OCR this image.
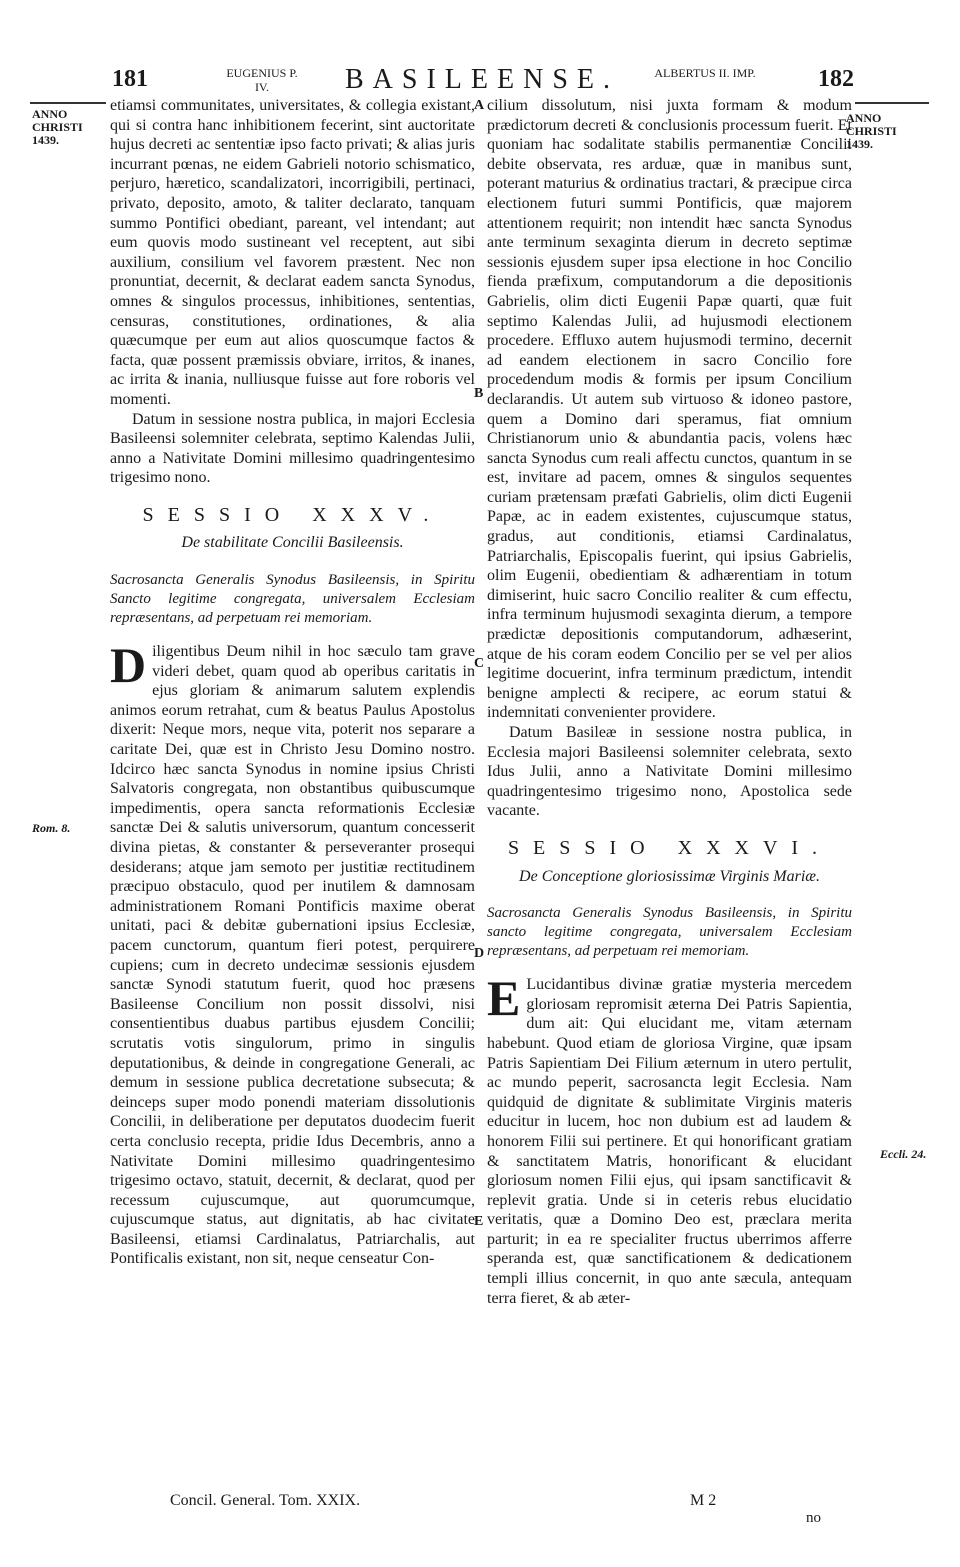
181	EUGENIUS P. IV.	BASILEENSE.	ALBERTUS II. IMP.	182
ANNO CHRISTI 1439.
ANNO CHRISTI 1439.
Rom. 8.
Eccli. 24.
A
B
C
D
E

etiamsi communitates, universitates, & collegia existant, qui si contra hanc inhibitionem fecerint, sint auctoritate hujus decreti ac sententiæ ipso facto privati; & alias juris incurrant pœnas, ne eidem Gabrieli notorio schismatico, perjuro, hæretico, scandalizatori, incorrigibili, pertinaci, privato, deposito, amoto, & taliter declarato, tanquam summo Pontifici obediant, pareant, vel intendant; aut eum quovis modo sustineant vel receptent, aut sibi auxilium, consilium vel favorem præstent. Nec non pronuntiat, decernit, & declarat eadem sancta Synodus, omnes & singulos processus, inhibitiones, sententias, censuras, constitutiones, ordinationes, & alia quæcumque per eum aut alios quoscumque factos & facta, quæ possent præmissis obviare, irritos, & inanes, ac irrita & inania, nulliusque fuisse aut fore roboris vel momenti.

Datum in sessione nostra publica, in majori Ecclesia Basileensi solemniter celebrata, septimo Kalendas Julii, anno a Nativitate Domini millesimo quadringentesimo trigesimo nono.

SESSIO XXXV.
De stabilitate Concilii Basileensis.
Sacrosancta Generalis Synodus Basileensis, in Spiritu Sancto legitime congregata, universalem Ecclesiam repræsentans, ad perpetuam rei memoriam.

Diligentibus Deum nihil in hoc sæculo tam grave videri debet, quam quod ab operibus caritatis in ejus gloriam & animarum salutem explendis animos eorum retrahat, cum & beatus Paulus Apostolus dixerit: Neque mors, neque vita, poterit nos separare a caritate Dei, quæ est in Christo Jesu Domino nostro. Idcirco hæc sancta Synodus in nomine ipsius Christi Salvatoris congregata, non obstantibus quibuscumque impedimentis, opera sancta reformationis Ecclesiæ sanctæ Dei & salutis universorum, quantum concesserit divina pietas, & constanter & perseveranter prosequi desiderans; atque jam semoto per justitiæ rectitudinem præcipuo obstaculo, quod per inutilem & damnosam administrationem Romani Pontificis maxime oberat unitati, paci & debitæ gubernationi ipsius Ecclesiæ, pacem cunctorum, quantum fieri potest, perquirere cupiens; cum in decreto undecimæ sessionis ejusdem sanctæ Synodi statutum fuerit, quod hoc præsens Basileense Concilium non possit dissolvi, nisi consentientibus duabus partibus ejusdem Concilii; scrutatis votis singulorum, primo in singulis deputationibus, & deinde in congregatione Generali, ac demum in sessione publica decretatione subsecuta; & deinceps super modo ponendi materiam dissolutionis Concilii, in deliberatione per deputatos duodecim fuerit certa conclusio recepta, pridie Idus Decembris, anno a Nativitate Domini millesimo quadringentesimo trigesimo octavo, statuit, decernit, & declarat, quod per recessum cujuscumque, aut quorumcumque, cujuscumque status, aut dignitatis, ab hac civitate Basileensi, etiamsi Cardinalatus, Patriarchalis, aut Pontificalis existant, non sit, neque censeatur Con-

cilium dissolutum, nisi juxta formam & modum prædictorum decreti & conclusionis processum fuerit. Et quoniam hac sodalitate stabilis permanentiæ Concilii debite observata, res arduæ, quæ in manibus sunt, poterant maturius & ordinatius tractari, & præcipue circa electionem futuri summi Pontificis, quæ majorem attentionem requirit; non intendit hæc sancta Synodus ante terminum sexaginta dierum in decreto septimæ sessionis ejusdem super ipsa electione in hoc Concilio fienda præfixum, computandorum a die depositionis Gabrielis, olim dicti Eugenii Papæ quarti, quæ fuit septimo Kalendas Julii, ad hujusmodi electionem procedere. Effluxo autem hujusmodi termino, decernit ad eandem electionem in sacro Concilio fore procedendum modis & formis per ipsum Concilium declarandis. Ut autem sub virtuoso & idoneo pastore, quem a Domino dari speramus, fiat omnium Christianorum unio & abundantia pacis, volens hæc sancta Synodus cum reali affectu cunctos, quantum in se est, invitare ad pacem, omnes & singulos sequentes curiam prætensam præfati Gabrielis, olim dicti Eugenii Papæ, ac in eadem existentes, cujuscumque status, gradus, aut conditionis, etiamsi Cardinalatus, Patriarchalis, Episcopalis fuerint, qui ipsius Gabrielis, olim Eugenii, obedientiam & adhærentiam in totum dimiserint, huic sacro Concilio realiter & cum effectu, infra terminum hujusmodi sexaginta dierum, a tempore prædictæ depositionis computandorum, adhæserint, atque de his coram eodem Concilio per se vel per alios legitime docuerint, infra terminum prædictum, intendit benigne amplecti & recipere, ac eorum statui & indemnitati convenienter providere.

Datum Basileæ in sessione nostra publica, in Ecclesia majori Basileensi solemniter celebrata, sexto Idus Julii, anno a Nativitate Domini millesimo quadringentesimo trigesimo nono, Apostolica sede vacante.

SESSIO XXXVI.
De Conceptione gloriosissimæ Virginis Mariæ.
Sacrosancta Generalis Synodus Basileensis, in Spiritu sancto legitime congregata, universalem Ecclesiam repræsentans, ad perpetuam rei memoriam.

E Lucidantibus divinæ gratiæ mysteria mercedem gloriosam repromisit æterna Dei Patris Sapientia, dum ait: Qui elucidant me, vitam æternam habebunt. Quod etiam de gloriosa Virgine, quæ ipsam Patris Sapientiam Dei Filium æternum in utero pertulit, ac mundo peperit, sacrosancta legit Ecclesia. Nam quidquid de dignitate & sublimitate Virginis materis educitur in lucem, hoc non dubium est ad laudem & honorem Filii sui pertinere. Et qui honorificant gratiam & sanctitatem Matris, honorificant & elucidant gloriosum nomen Filii ejus, qui ipsam sanctificavit & replevit gratia. Unde si in ceteris rebus elucidatio veritatis, quæ a Domino Deo est, præclara merita parturit; in ea re specialiter fructus uberrimos afferre speranda est, quæ sanctificationem & dedicationem templi illius concernit, in quo ante sæcula, antequam terra fieret, & ab æter-

Concil. General. Tom. XXIX.	M 2
no
